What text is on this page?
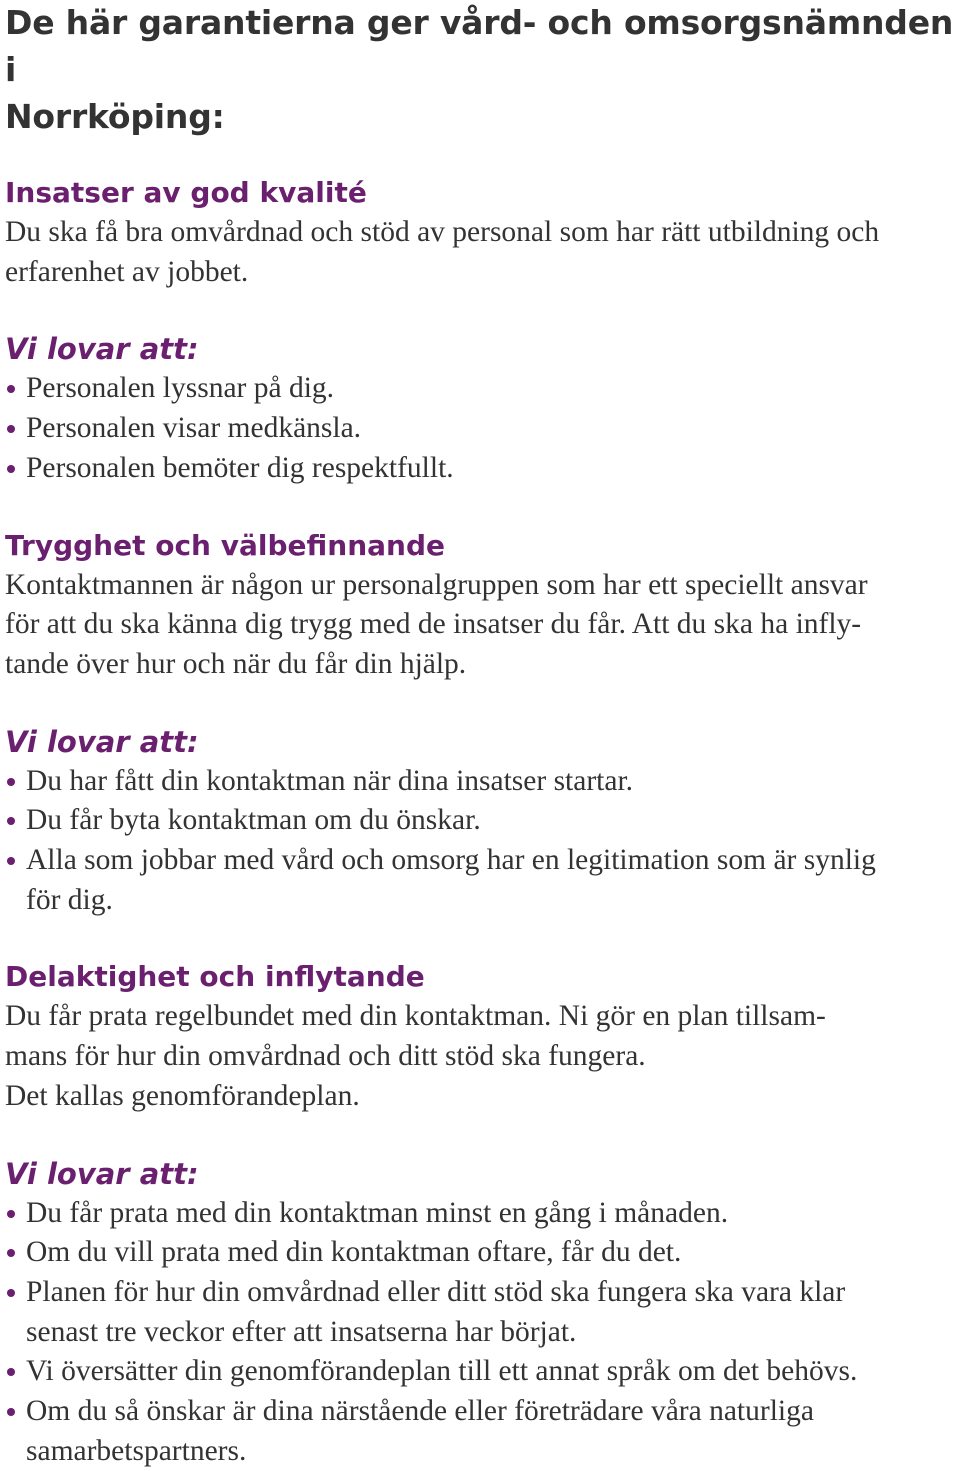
De här garantierna ger vård- och omsorgsnämnden i
Norrköping:
Insatser av god kvalité

Du ska få bra omvårdnad och stöd av personal som har rätt utbildning och
erfarenhet av jobbet.

Vi lovar att:
Personalen lyssnar på dig.
Personalen visar medkänsla.
Personalen bemöter dig respektfullt.
Trygghet och välbefinnande

Kontaktmannen är någon ur personalgruppen som har ett speciellt ansvar
för att du ska känna dig trygg med de insatser du får. Att du ska ha infly-
tande över hur och när du får din hjälp.

Vi lovar att:
Du har fått din kontaktman när dina insatser startar.
Du får byta kontaktman om du önskar.
Alla som jobbar med vård och omsorg har en legitimation som är synlig
för dig.
Delaktighet och inflytande

Du får prata regelbundet med din kontaktman. Ni gör en plan tillsam-
mans för hur din omvårdnad och ditt stöd ska fungera.
Det kallas genomförandeplan.

Vi lovar att:
Du får prata med din kontaktman minst en gång i månaden.
Om du vill prata med din kontaktman oftare, får du det.
Planen för hur din omvårdnad eller ditt stöd ska fungera ska vara klar
senast tre veckor efter att insatserna har börjat.
Vi översätter din genomförandeplan till ett annat språk om det behövs.
Om du så önskar är dina närstående eller företrädare våra naturliga
samarbetspartners.
